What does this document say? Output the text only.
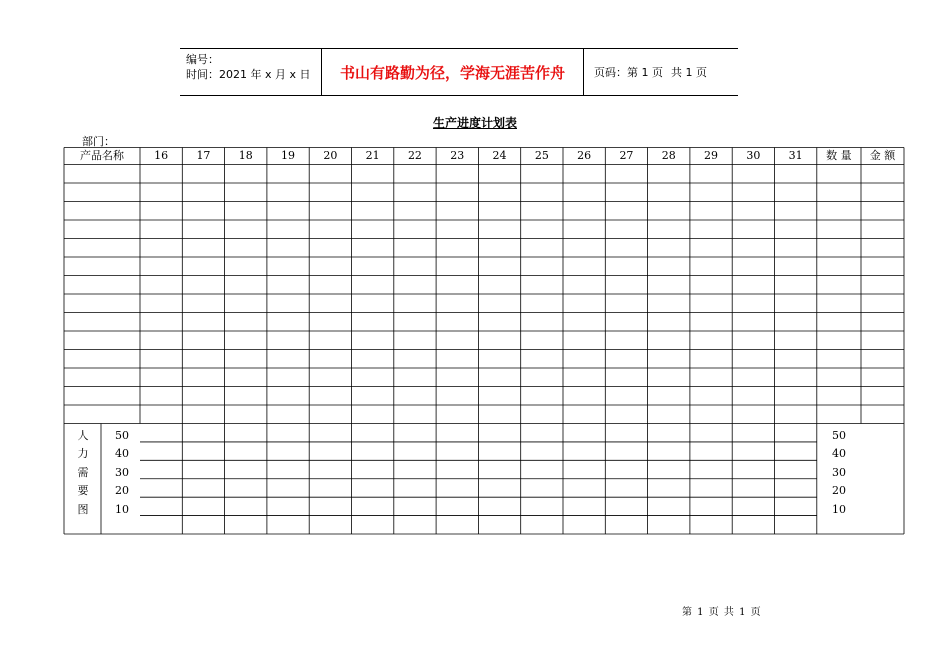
编号：
时间：2021 年 x 月 x 日	书山有路勤为径，学海无涯苦作舟	页码：第 1 页 共 1 页
生产进度计划表
部门：
产品名称	16	17	18	19	20	21	22	23	24	25	26	27	28	29	30	31	数 量	金 额
人
力
需
要
图
50	50
40	40
30	30
20	20
10	10
第 1 页 共 1 页
